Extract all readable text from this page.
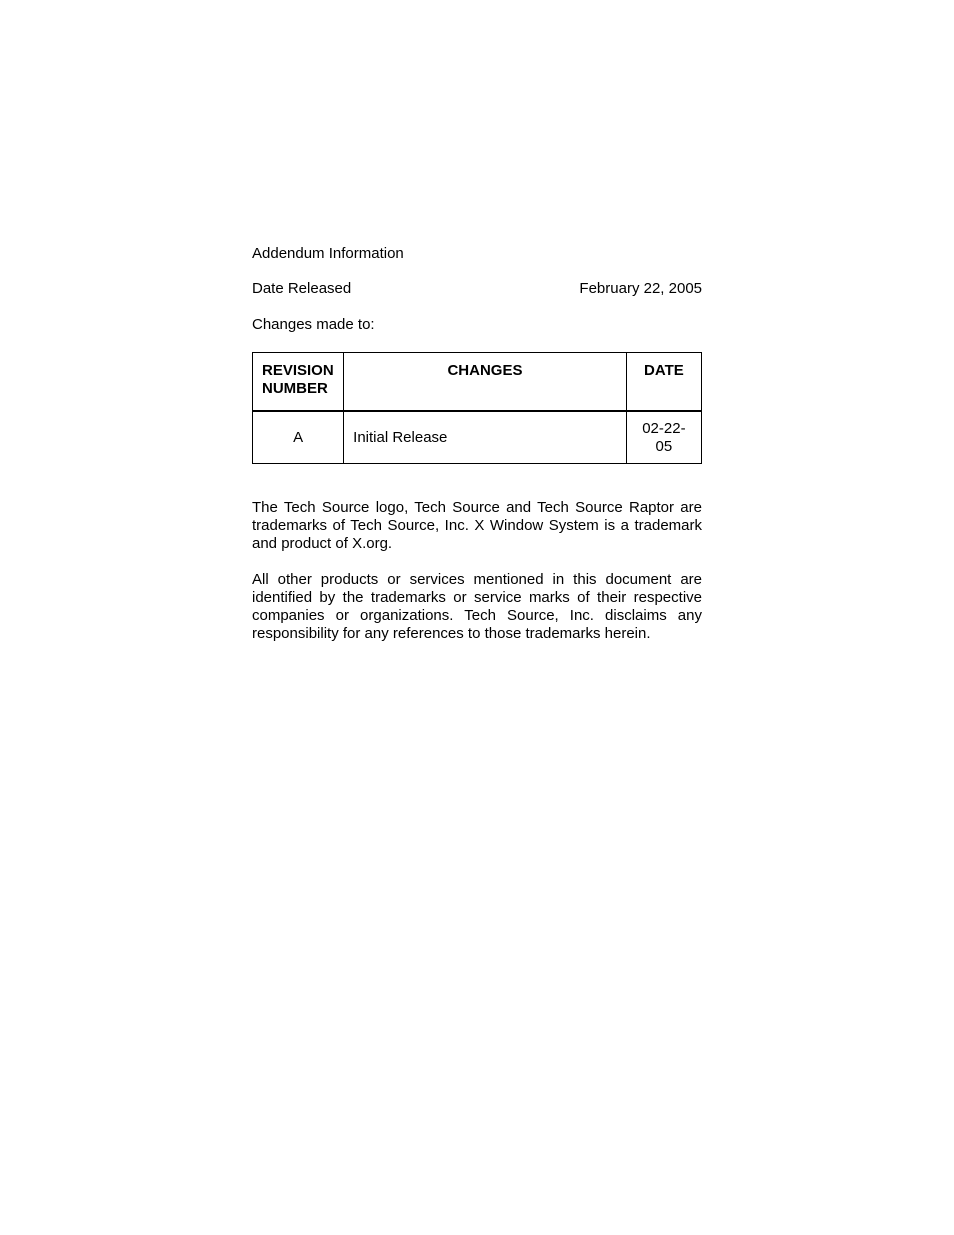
Addendum Information
Date Released	February 22, 2005
Changes made to:
REVISION
NUMBER	CHANGES	DATE
A	Initial Release	02-22-05

The Tech Source logo, Tech Source and Tech Source Raptor are trademarks of Tech Source, Inc. X Window System is a trademark and product of X.org.

All other products or services mentioned in this document are identified by the trademarks or service marks of their respective companies or organizations. Tech Source, Inc. disclaims any responsibility for any references to those trademarks herein.
